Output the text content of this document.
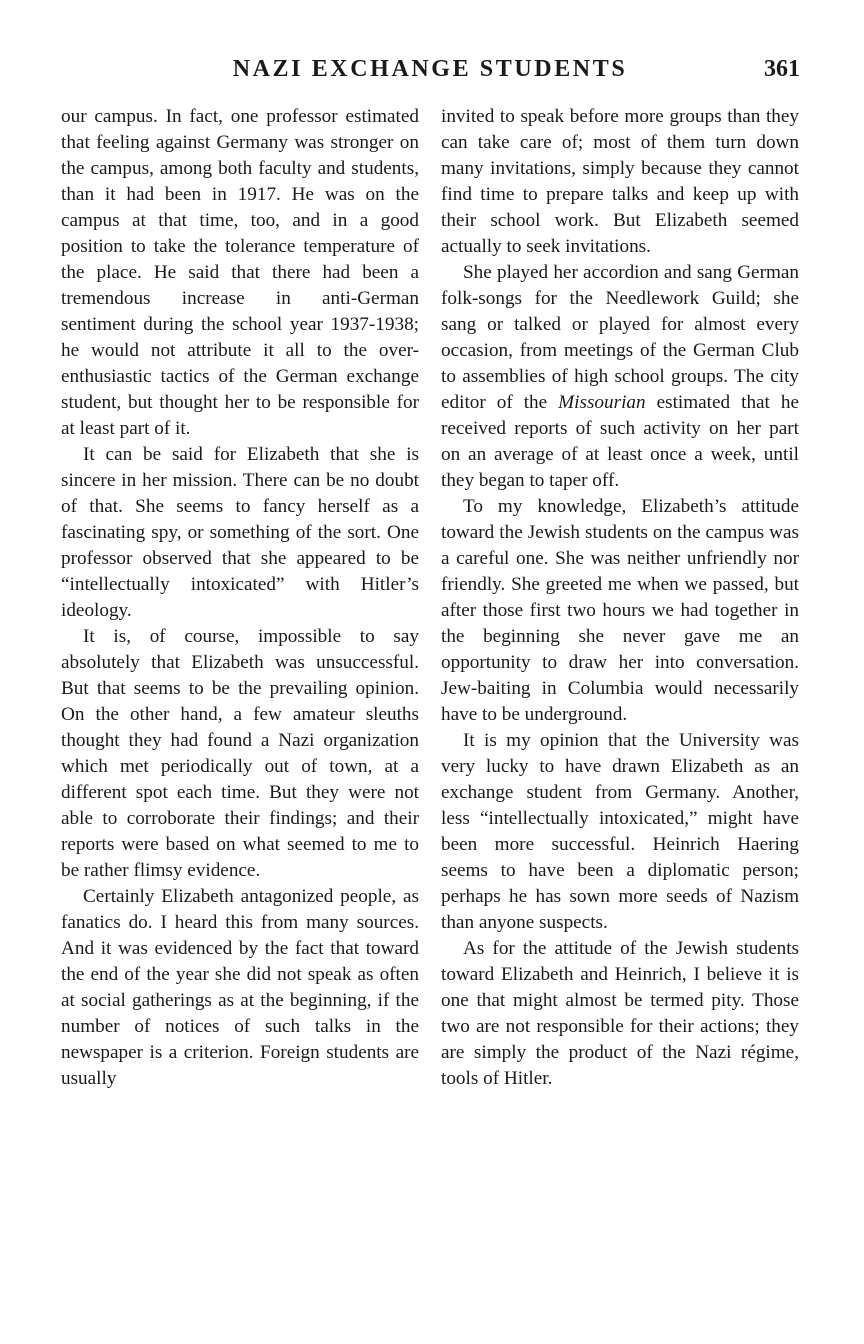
NAZI EXCHANGE STUDENTS	361

our campus. In fact, one professor estimated that feeling against Germany was stronger on the campus, among both faculty and students, than it had been in 1917. He was on the campus at that time, too, and in a good position to take the tolerance temperature of the place. He said that there had been a tremendous increase in anti-German sentiment during the school year 1937-1938; he would not attribute it all to the over-enthusiastic tactics of the German exchange student, but thought her to be responsible for at least part of it.

It can be said for Elizabeth that she is sincere in her mission. There can be no doubt of that. She seems to fancy herself as a fascinating spy, or something of the sort. One professor observed that she appeared to be “intellectually intoxicated” with Hitler’s ideology.

It is, of course, impossible to say absolutely that Elizabeth was unsuccessful. But that seems to be the prevailing opinion. On the other hand, a few amateur sleuths thought they had found a Nazi organization which met periodically out of town, at a different spot each time. But they were not able to corroborate their findings; and their reports were based on what seemed to me to be rather flimsy evidence.

Certainly Elizabeth antagonized people, as fanatics do. I heard this from many sources. And it was evidenced by the fact that toward the end of the year she did not speak as often at social gatherings as at the beginning, if the number of notices of such talks in the newspaper is a criterion. Foreign students are usually

invited to speak before more groups than they can take care of; most of them turn down many invitations, simply because they cannot find time to prepare talks and keep up with their school work. But Elizabeth seemed actually to seek invitations.

She played her accordion and sang German folk-songs for the Needlework Guild; she sang or talked or played for almost every occasion, from meetings of the German Club to assemblies of high school groups. The city editor of the Missourian estimated that he received reports of such activity on her part on an average of at least once a week, until they began to taper off.

To my knowledge, Elizabeth’s attitude toward the Jewish students on the campus was a careful one. She was neither unfriendly nor friendly. She greeted me when we passed, but after those first two hours we had together in the beginning she never gave me an opportunity to draw her into conversation. Jew-baiting in Columbia would necessarily have to be underground.

It is my opinion that the University was very lucky to have drawn Elizabeth as an exchange student from Germany. Another, less “intellectually intoxicated,” might have been more successful. Heinrich Haering seems to have been a diplomatic person; perhaps he has sown more seeds of Nazism than anyone suspects.

As for the attitude of the Jewish students toward Elizabeth and Heinrich, I believe it is one that might almost be termed pity. Those two are not responsible for their actions; they are simply the product of the Nazi régime, tools of Hitler.
